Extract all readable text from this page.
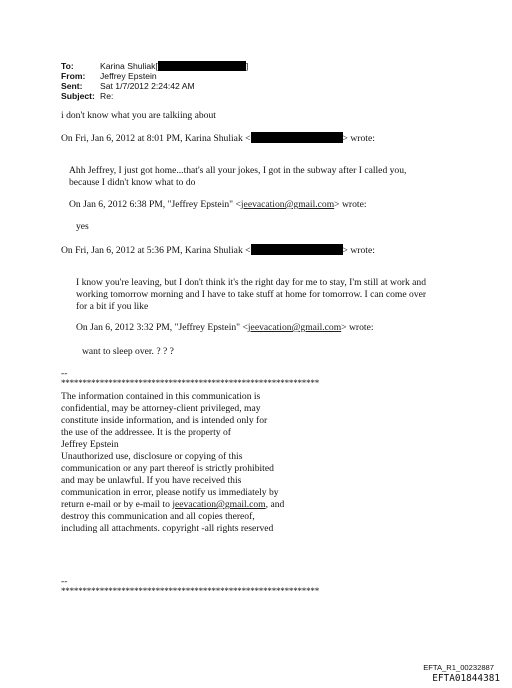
To:	Karina Shuliak[	]
From: Jeffrey Epstein
Sent: Sat 1/7/2012 2:24:42 AM
Subject: Re:
i don't know what you are talkiing about
On Fri, Jan 6, 2012 at 8:01 PM, Karina Shuliak <	> wrote:
Ahh Jeffrey, I just got home...that's all your jokes, I got in the subway after I called you,
because I didn't know what to do
On Jan 6, 2012 6:38 PM, "Jeffrey Epstein" <jeevacation@gmail.com> wrote:
yes
On Fri, Jan 6, 2012 at 5:36 PM, Karina Shuliak <	> wrote:
I know you're leaving, but I don't think it's the right day for me to stay, I'm still at work and
working tomorrow morning and I have to take stuff at home for tomorrow. I can come over
for a bit if you like
On Jan 6, 2012 3:32 PM, "Jeffrey Epstein" <jeevacation@gmail.com> wrote:
want to sleep over. ? ? ?
--
************************************************************
The information contained in this communication is
confidential, may be attorney-client privileged, may
constitute inside information, and is intended only for
the use of the addressee. It is the property of
Jeffrey Epstein
Unauthorized use, disclosure or copying of this
communication or any part thereof is strictly prohibited
and may be unlawful. If you have received this
communication in error, please notify us immediately by
return e-mail or by e-mail to jeevacation@gmail.com, and
destroy this communication and all copies thereof,
including all attachments. copyright -all rights reserved
--
************************************************************
EFTA_R1_00232887
EFTA01844381
